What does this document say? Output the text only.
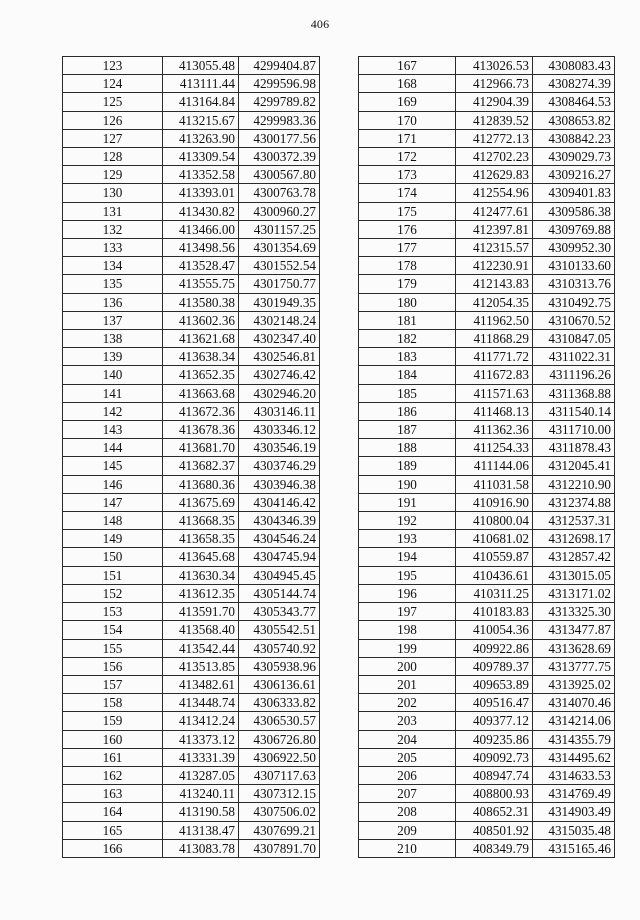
406
123	413055.48	4299404.87
124	413111.44	4299596.98
125	413164.84	4299789.82
126	413215.67	4299983.36
127	413263.90	4300177.56
128	413309.54	4300372.39
129	413352.58	4300567.80
130	413393.01	4300763.78
131	413430.82	4300960.27
132	413466.00	4301157.25
133	413498.56	4301354.69
134	413528.47	4301552.54
135	413555.75	4301750.77
136	413580.38	4301949.35
137	413602.36	4302148.24
138	413621.68	4302347.40
139	413638.34	4302546.81
140	413652.35	4302746.42
141	413663.68	4302946.20
142	413672.36	4303146.11
143	413678.36	4303346.12
144	413681.70	4303546.19
145	413682.37	4303746.29
146	413680.36	4303946.38
147	413675.69	4304146.42
148	413668.35	4304346.39
149	413658.35	4304546.24
150	413645.68	4304745.94
151	413630.34	4304945.45
152	413612.35	4305144.74
153	413591.70	4305343.77
154	413568.40	4305542.51
155	413542.44	4305740.92
156	413513.85	4305938.96
157	413482.61	4306136.61
158	413448.74	4306333.82
159	413412.24	4306530.57
160	413373.12	4306726.80
161	413331.39	4306922.50
162	413287.05	4307117.63
163	413240.11	4307312.15
164	413190.58	4307506.02
165	413138.47	4307699.21
166	413083.78	4307891.70
167	413026.53	4308083.43
168	412966.73	4308274.39
169	412904.39	4308464.53
170	412839.52	4308653.82
171	412772.13	4308842.23
172	412702.23	4309029.73
173	412629.83	4309216.27
174	412554.96	4309401.83
175	412477.61	4309586.38
176	412397.81	4309769.88
177	412315.57	4309952.30
178	412230.91	4310133.60
179	412143.83	4310313.76
180	412054.35	4310492.75
181	411962.50	4310670.52
182	411868.29	4310847.05
183	411771.72	4311022.31
184	411672.83	4311196.26
185	411571.63	4311368.88
186	411468.13	4311540.14
187	411362.36	4311710.00
188	411254.33	4311878.43
189	411144.06	4312045.41
190	411031.58	4312210.90
191	410916.90	4312374.88
192	410800.04	4312537.31
193	410681.02	4312698.17
194	410559.87	4312857.42
195	410436.61	4313015.05
196	410311.25	4313171.02
197	410183.83	4313325.30
198	410054.36	4313477.87
199	409922.86	4313628.69
200	409789.37	4313777.75
201	409653.89	4313925.02
202	409516.47	4314070.46
203	409377.12	4314214.06
204	409235.86	4314355.79
205	409092.73	4314495.62
206	408947.74	4314633.53
207	408800.93	4314769.49
208	408652.31	4314903.49
209	408501.92	4315035.48
210	408349.79	4315165.46
